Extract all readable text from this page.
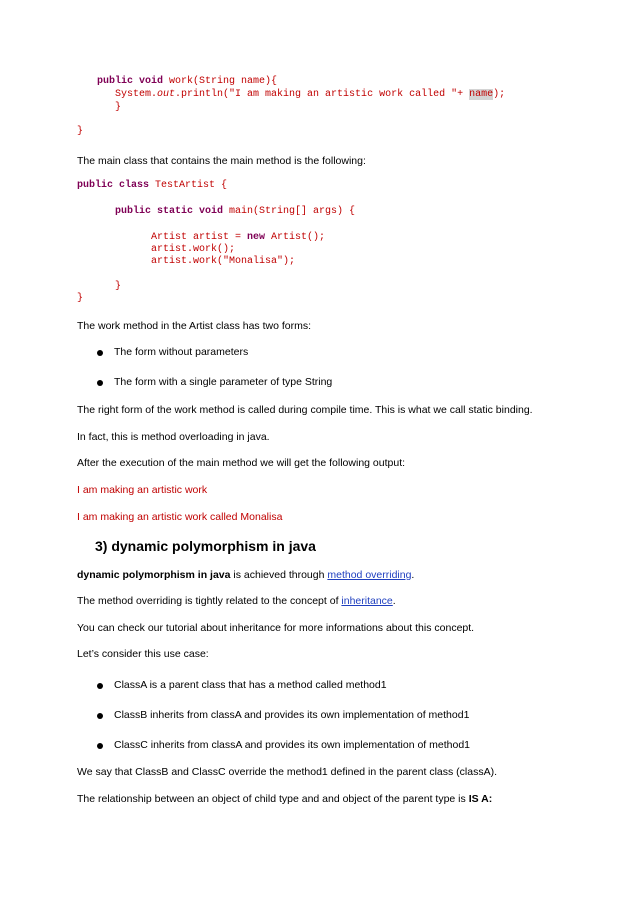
public void work(String name){
System.out.println("I am making an artistic work called "+ name);
}
}
The main class that contains the main method is the following:
public class TestArtist {
public static void main(String[] args) {
Artist artist = new Artist();
artist.work();
artist.work("Monalisa");
}
}
The work method in the Artist class has two forms:
The form without parameters
The form with a single parameter of type String
The right form of the work method is called during compile time. This is what we call static binding.
In fact, this is method overloading in java.
After the execution of the main method we will get the following output:
I am making an artistic work
I am making an artistic work called Monalisa
3) dynamic polymorphism in java
dynamic polymorphism in java is achieved through method overriding.
The method overriding is tightly related to the concept of inheritance.
You can check our tutorial about inheritance for more informations about this concept.
Let’s consider this use case:
ClassA is a parent class that has a method called method1
ClassB inherits from classA and provides its own implementation of method1
ClassC inherits from classA and provides its own implementation of method1
We say that ClassB and ClassC override the method1 defined in the parent class (classA).
The relationship between an object of child type and and object of the parent type is IS A:
